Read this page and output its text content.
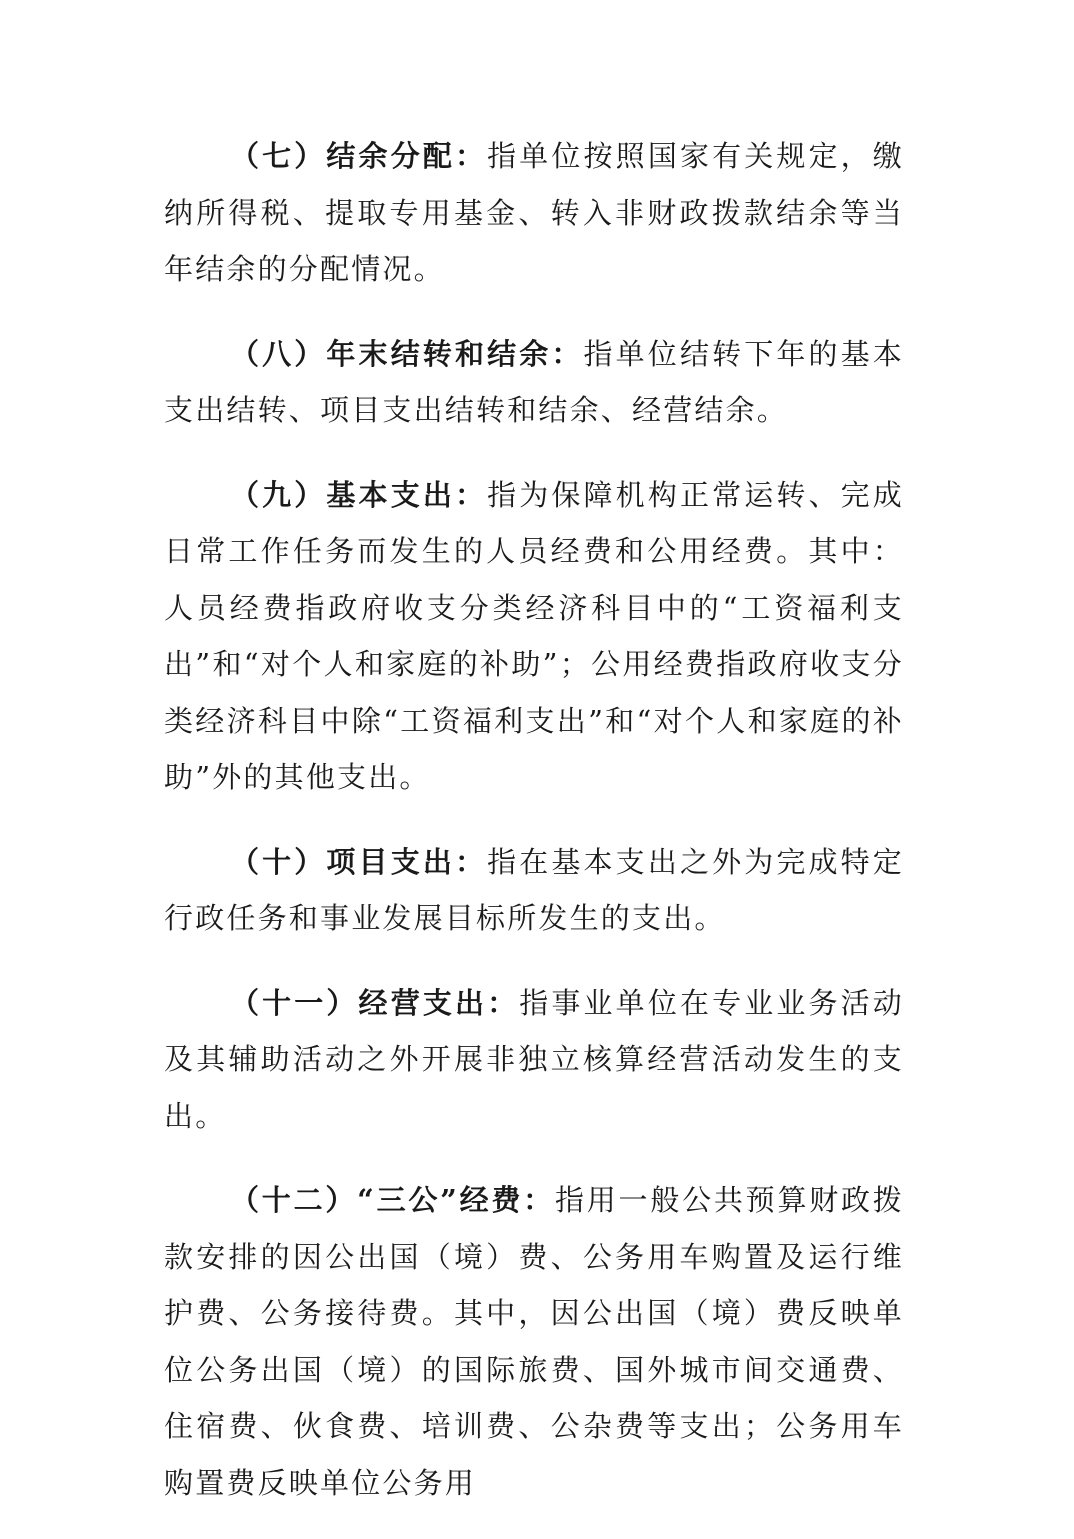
（七）结余分配：指单位按照国家有关规定，缴纳所得税、提取专用基金、转入非财政拨款结余等当年结余的分配情况。

（八）年末结转和结余：指单位结转下年的基本支出结转、项目支出结转和结余、经营结余。

（九）基本支出：指为保障机构正常运转、完成日常工作任务而发生的人员经费和公用经费。其中：人员经费指政府收支分类经济科目中的“工资福利支出”和“对个人和家庭的补助”；公用经费指政府收支分类经济科目中除“工资福利支出”和“对个人和家庭的补助”外的其他支出。

（十）项目支出：指在基本支出之外为完成特定行政任务和事业发展目标所发生的支出。

（十一）经营支出：指事业单位在专业业务活动及其辅助活动之外开展非独立核算经营活动发生的支出。

（十二）“三公”经费：指用一般公共预算财政拨款安排的因公出国（境）费、公务用车购置及运行维护费、公务接待费。其中，因公出国（境）费反映单位公务出国（境）的国际旅费、国外城市间交通费、住宿费、伙食费、培训费、公杂费等支出；公务用车购置费反映单位公务用
